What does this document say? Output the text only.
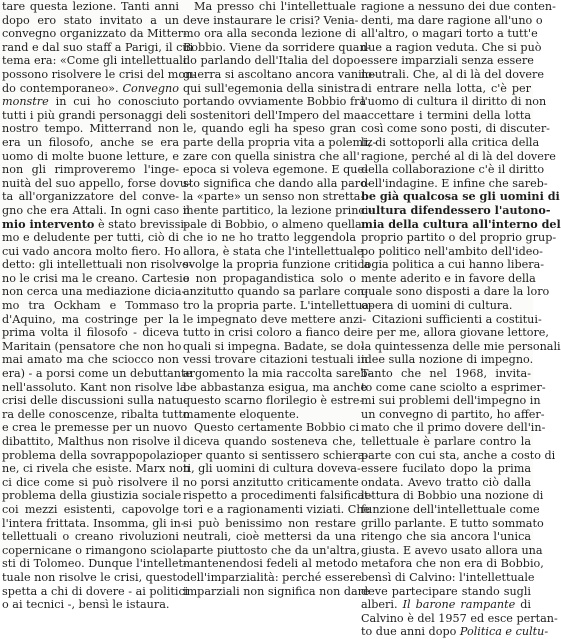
tare questa lezione. Tanti anni
dopo ero stato invitato a un
convegno organizzato da Mitter-
rand e dal suo staff a Parigi, il cui
tema era: «Come gli intellettuali
possono risolvere le crisi del mon-
do contemporaneo». Convegno
monstre in cui ho conosciuto
tutti i più grandi personaggi del
nostro tempo. Mitterrand non
era un filosofo, anche se era
uomo di molte buone letture, e
non gli rimproveremo l'inge-
nuità del suo appello, forse dovu-
ta all'organizzatore del conve-
gno che era Attali. In ogni caso il
mio intervento è stato brevissi-
mo e deludente per tutti, ciò di
cui vado ancora molto fiero. Ho
detto: gli intellettuali non risolvo-
no le crisi ma le creano. Cartesio
non cerca una mediazione dicia-
mo tra Ockham e Tommaso
d'Aquino, ma costringe per la
prima volta il filosofo - diceva
Maritain (pensatore che non ho
mai amato ma che sciocco non
era) - a porsi come un debuttante
nell'assoluto. Kant non risolve la
crisi delle discussioni sulla natu-
ra delle conoscenze, ribalta tutto
e crea le premesse per un nuovo
dibattito, Malthus non risolve il
problema della sovrappopolazio-
ne, ci rivela che esiste. Marx non
ci dice come si può risolvere il
problema della giustizia sociale
coi mezzi esistenti, capovolge
l'intera frittata. Insomma, gli in-
tellettuali o creano rivoluzioni
copernicane o rimangono sciola-
sti di Tolomeo. Dunque l'intellet-
tuale non risolve le crisi, questo
spetta a chi di dovere - ai politici
o ai tecnici -, bensì le istaura.
Ma presso chi l'intellettuale
deve instaurare le crisi? Venia-
mo ora alla seconda lezione di
Bobbio. Viene da sorridere quan-
do parlando dell'Italia del dopo-
guerra si ascoltano ancora vanilo-
qui sull'egemonia della sinistra
portando ovviamente Bobbio fra
i sostenitori dell'Impero del ma-
le, quando egli ha speso gran
parte della propria vita a polemiz-
zare con quella sinistra che all'
epoca si voleva egemone. E que-
sto significa che dando alla paro-
la «parte» un senso non stretta-
mente partitico, la lezione princi-
pale di Bobbio, o almeno quella
che io ne ho tratto leggendola
allora, è stata che l'intellettuale
svolge la propria funzione critica
e non propagandistica solo o
anzitutto quando sa parlare con-
tro la propria parte. L'intellettua-
le impegnato deve mettere anzi-
tutto in crisi coloro a fianco dei
quali si impegna. Badate, se do-
vessi trovare citazioni testuali in
argomento la mia raccolta sareb-
be abbastanza esigua, ma anche
questo scarno florilegio è estre-
mamente eloquente.
Questo certamente Bobbio ci
diceva quando sosteneva che,
per quanto si sentissero schiera-
ti, gli uomini di cultura doveva-
no porsi anzitutto criticamente
rispetto a procedimenti falsificat-
tori e a ragionamenti viziati. Che
si può benissimo non restare
neutrali, cioè mettersi da una
parte piuttosto che da un'altra,
mantenendosi fedeli al metodo
dell'imparzialità: perché essere
imparziali non significa non dare
ragione a nessuno dei due conten-
denti, ma dare ragione all'uno o
all'altro, o magari torto a tutt'e
due a ragion veduta. Che si può
essere imparziali senza essere
neutrali. Che, al di là del dovere
di entrare nella lotta, c'è per
l'uomo di cultura il diritto di non
accettare i termini della lotta
così come sono posti, di discuter-
li, di sottoporli alla critica della
ragione, perché al di là del dovere
della collaborazione c'è il diritto
dell'indagine. E infine che sareb-
be già qualcosa se gli uomini di
cultura difendessero l'autono-
mia della cultura all'interno del
proprio partito o del proprio grup-
po politico nell'ambito dell'ideo-
logia politica a cui hanno libera-
mente aderito e in favore della
quale sono disposti a dare la loro
opera di uomini di cultura.
Citazioni sufficienti a costitui-
re per me, allora giovane lettore,
la quintessenza delle mie personali
idee sulla nozione di impegno.
Tanto che nel 1968, invita-
to come cane sciolto a esprimer-
mi sui problemi dell'impegno in
un convegno di partito, ho affer-
mato che il primo dovere dell'in-
tellettuale è parlare contro la
parte con cui sta, anche a costo di
essere fucilato dopo la prima
ondata. Avevo tratto ciò dalla
lettura di Bobbio una nozione di
funzione dell'intellettuale come
grillo parlante. E tutto sommato
ritengo che sia ancora l'unica
giusta. E avevo usato allora una
metafora che non era di Bobbio,
bensì di Calvino: l'intellettuale
deve partecipare stando sugli
alberi. Il barone rampante di
Calvino è del 1957 ed esce pertan-
to due anni dopo Politica e cultu-
